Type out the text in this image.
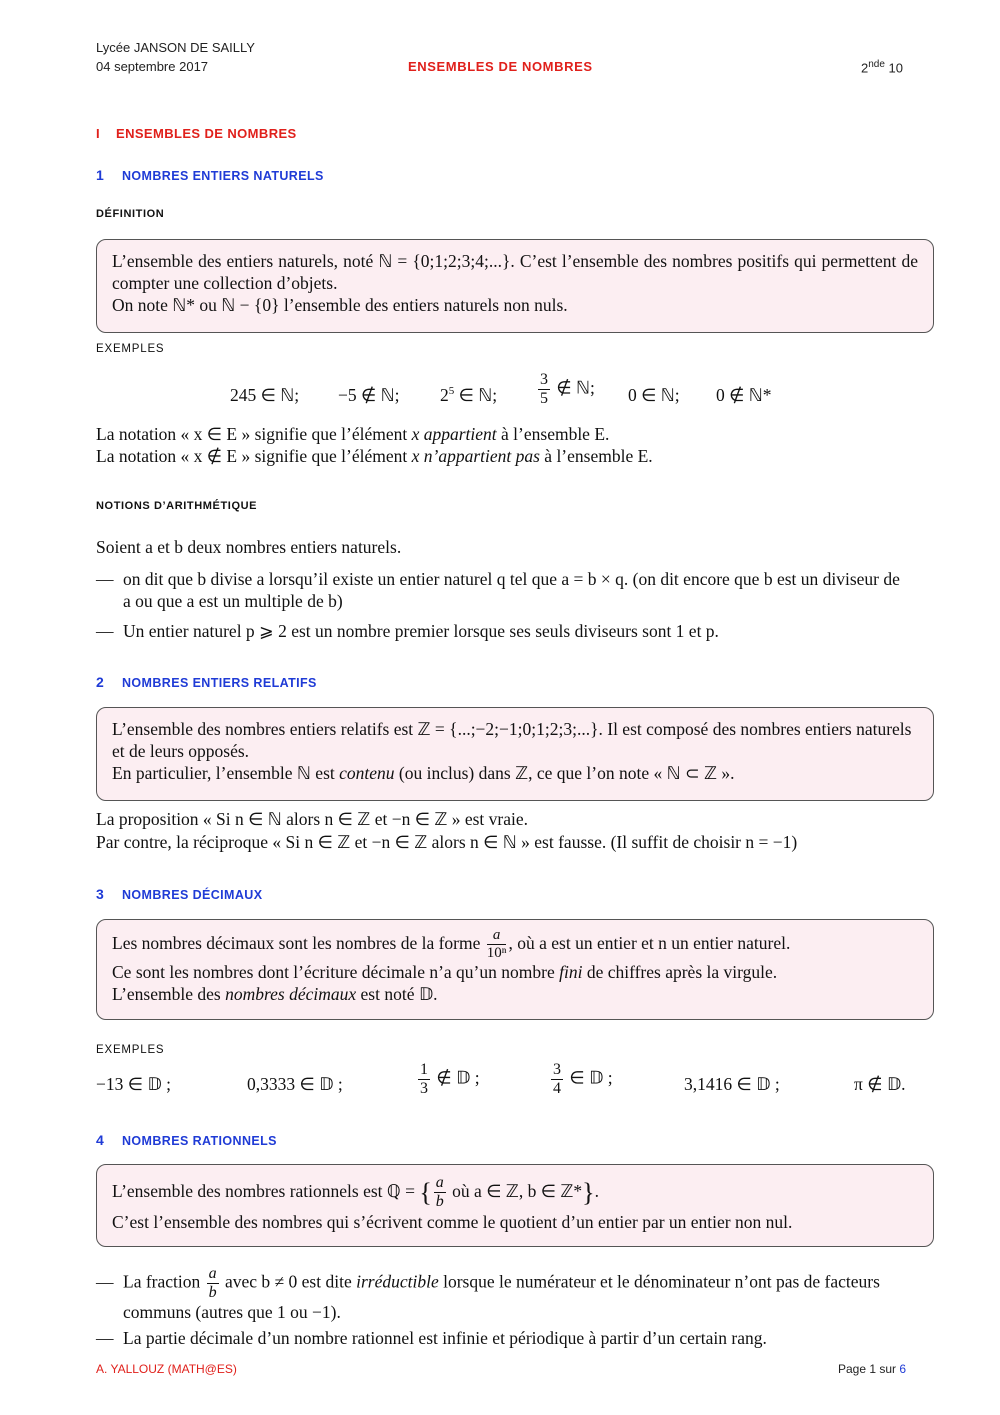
Lycée JANSON DE SAILLY
04 septembre 2017	ENSEMBLES DE NOMBRES	2nde 10
I ENSEMBLES DE NOMBRES
1 NOMBRES ENTIERS NATURELS
DÉFINITION
L’ensemble des entiers naturels, noté ℕ = {0;1;2;3;4;...}. C’est l’ensemble des nombres positifs qui permettent de compter une collection d’objets.
On note ℕ* ou ℕ − {0} l’ensemble des entiers naturels non nuls.
EXEMPLES
245 ∈ ℕ; −5 ∉ ℕ; $2^5$ ∈ ℕ;	$\frac{3}{5}$ ∉ ℕ; 0 ∈ ℕ; 0 ∉ ℕ*
La notation « x ∈ E » signifie que l’élément x appartient à l’ensemble E.
La notation « x ∉ E » signifie que l’élément x n’appartient pas à l’ensemble E.
NOTIONS D’ARITHMÉTIQUE
Soient a et b deux nombres entiers naturels.
— on dit que b divise a lorsqu’il existe un entier naturel q tel que a = b × q. (on dit encore que b est un diviseur de a ou que a est un multiple de b)
— Un entier naturel p ⩾ 2 est un nombre premier lorsque ses seuls diviseurs sont 1 et p.
2 NOMBRES ENTIERS RELATIFS
L’ensemble des nombres entiers relatifs est ℤ = {...;−2;−1;0;1;2;3;...}. Il est composé des nombres entiers naturels et de leurs opposés.
En particulier, l’ensemble ℕ est contenu (ou inclus) dans ℤ, ce que l’on note « ℕ ⊂ ℤ ».
La proposition « Si n ∈ ℕ alors n ∈ ℤ et −n ∈ ℤ » est vraie.
Par contre, la réciproque « Si n ∈ ℤ et −n ∈ ℤ alors n ∈ ℕ » est fausse. (Il suffit de choisir n = −1)
3 NOMBRES DÉCIMAUX
Les nombres décimaux sont les nombres de la forme $\frac{a}{\text{10ⁿ}}$ , où a est un entier et n un entier naturel.
Ce sont les nombres dont l’écriture décimale n’a qu’un nombre fini de chiffres après la virgule.
L’ensemble des nombres décimaux est noté 𝔻.
EXEMPLES
−13 ∈ 𝔻 ;	0,3333 ∈ 𝔻 ;	$\frac{1}{3}$ ∉ 𝔻 ;	$\frac{3}{4}$ ∈ 𝔻 ;	3,1416 ∈ 𝔻 ;	π ∉ 𝔻.
4 NOMBRES RATIONNELS
L’ensemble des nombres rationnels est ℚ = { $\frac{a}{b}$ où a ∈ ℤ, b ∈ ℤ*}.
C’est l’ensemble des nombres qui s’écrivent comme le quotient d’un entier par un entier non nul.
— La fraction $\frac{a}{b}$ avec b ≠ 0 est dite irréductible lorsque le numérateur et le dénominateur n’ont pas de facteurs communs (autres que 1 ou −1).
— La partie décimale d’un nombre rationnel est infinie et périodique à partir d’un certain rang.
A. YALLOUZ (MATH@ES)	Page 1 sur 6
